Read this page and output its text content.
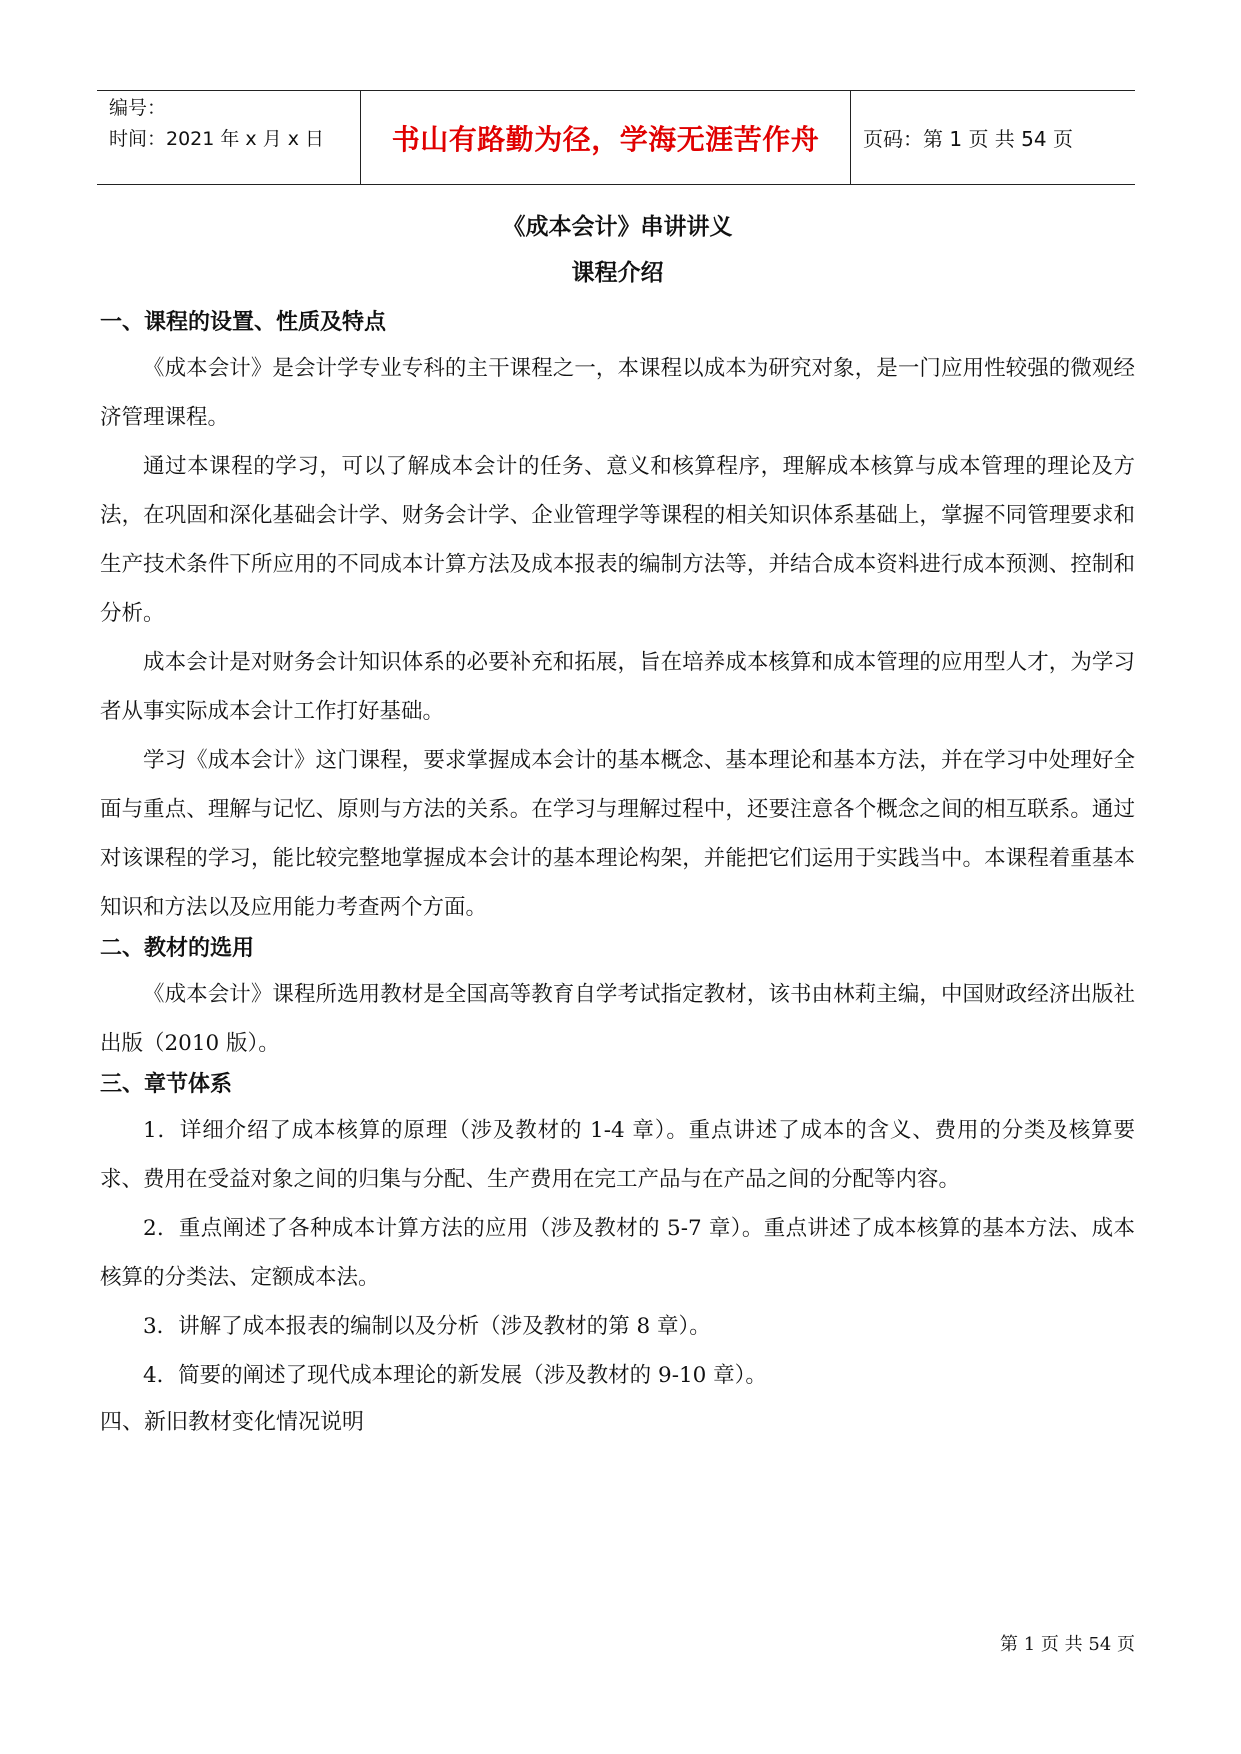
编号：
时间：2021 年 x 月 x 日	书山有路勤为径，学海无涯苦作舟	页码：第 1 页 共 54 页
《成本会计》串讲讲义
课程介绍
一、课程的设置、性质及特点

《成本会计》是会计学专业专科的主干课程之一，本课程以成本为研究对象，是一门应用性较强的微观经济管理课程。

通过本课程的学习，可以了解成本会计的任务、意义和核算程序，理解成本核算与成本管理的理论及方法，在巩固和深化基础会计学、财务会计学、企业管理学等课程的相关知识体系基础上，掌握不同管理要求和生产技术条件下所应用的不同成本计算方法及成本报表的编制方法等，并结合成本资料进行成本预测、控制和分析。

成本会计是对财务会计知识体系的必要补充和拓展，旨在培养成本核算和成本管理的应用型人才，为学习者从事实际成本会计工作打好基础。

学习《成本会计》这门课程，要求掌握成本会计的基本概念、基本理论和基本方法，并在学习中处理好全面与重点、理解与记忆、原则与方法的关系。在学习与理解过程中，还要注意各个概念之间的相互联系。通过对该课程的学习，能比较完整地掌握成本会计的基本理论构架，并能把它们运用于实践当中。本课程着重基本知识和方法以及应用能力考查两个方面。

二、教材的选用

《成本会计》课程所选用教材是全国高等教育自学考试指定教材，该书由林莉主编，中国财政经济出版社出版（2010 版）。

三、章节体系

1．详细介绍了成本核算的原理（涉及教材的 1-4 章）。重点讲述了成本的含义、费用的分类及核算要求、费用在受益对象之间的归集与分配、生产费用在完工产品与在产品之间的分配等内容。

2．重点阐述了各种成本计算方法的应用（涉及教材的 5-7 章）。重点讲述了成本核算的基本方法、成本核算的分类法、定额成本法。

3．讲解了成本报表的编制以及分析（涉及教材的第 8 章）。

4．简要的阐述了现代成本理论的新发展（涉及教材的 9-10 章）。

四、新旧教材变化情况说明
第 1 页 共 54 页
